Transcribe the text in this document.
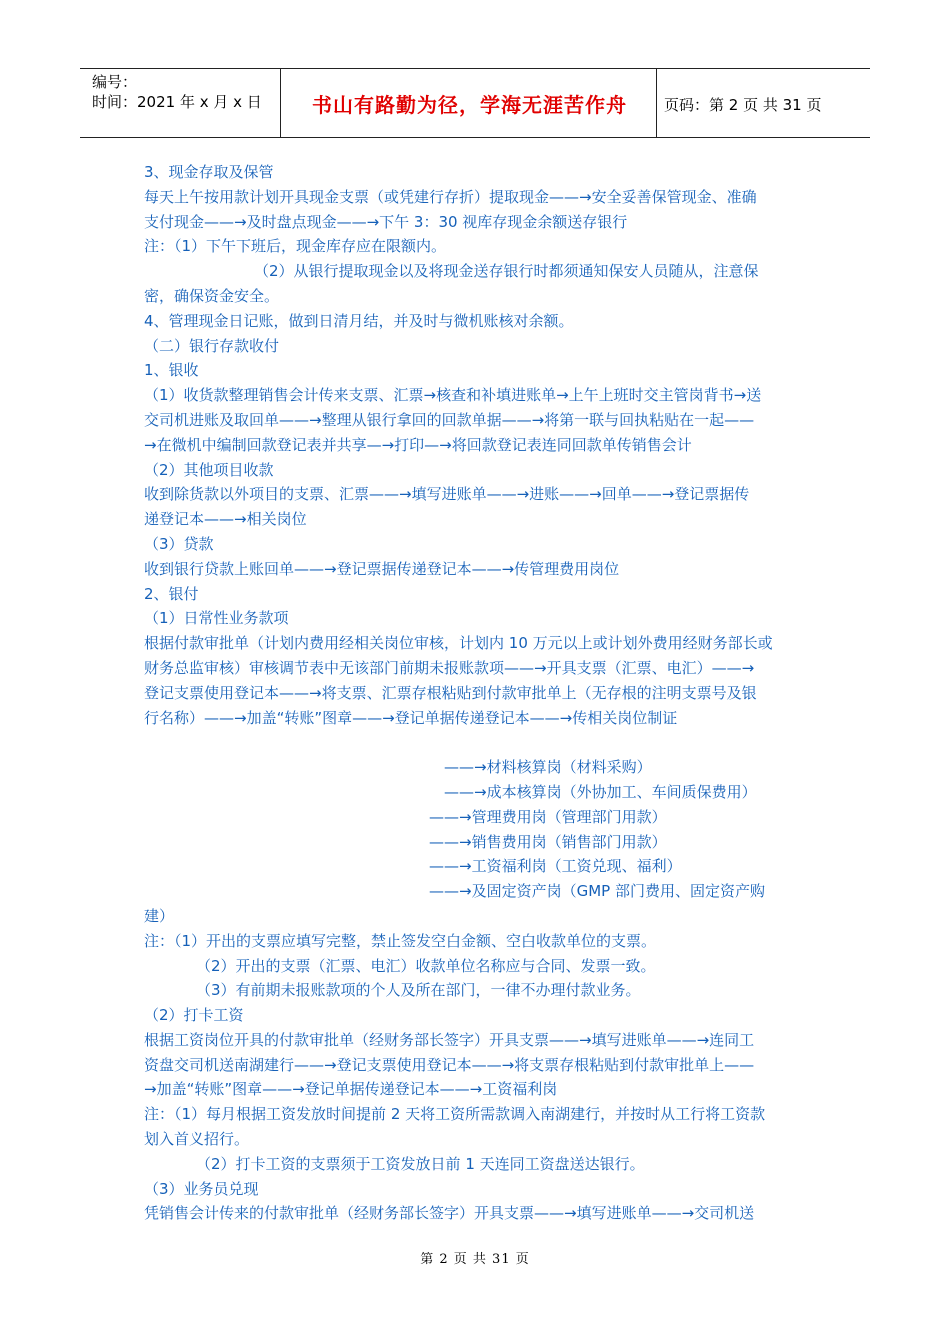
编号：
时间：2021 年 x 月 x 日	书山有路勤为径，学海无涯苦作舟	页码：第 2 页 共 31 页
3、现金存取及保管
每天上午按用款计划开具现金支票（或凭建行存折）提取现金——→安全妥善保管现金、准确
支付现金——→及时盘点现金——→下午 3：30 视库存现金余额送存银行
注：（1）下午下班后，现金库存应在限额内。
（2）从银行提取现金以及将现金送存银行时都须通知保安人员随从，注意保
密，确保资金安全。
4、管理现金日记账，做到日清月结，并及时与微机账核对余额。
（二）银行存款收付
1、银收
（1）收货款整理销售会计传来支票、汇票→核查和补填进账单→上午上班时交主管岗背书→送
交司机进账及取回单——→整理从银行拿回的回款单据——→将第一联与回执粘贴在一起——
→在微机中编制回款登记表并共享—→打印—→将回款登记表连同回款单传销售会计
（2）其他项目收款
收到除货款以外项目的支票、汇票——→填写进账单——→进账——→回单——→登记票据传
递登记本——→相关岗位
（3）贷款
收到银行贷款上账回单——→登记票据传递登记本——→传管理费用岗位
2、银付
（1）日常性业务款项
根据付款审批单（计划内费用经相关岗位审核，计划内 10 万元以上或计划外费用经财务部长或
财务总监审核）审核调节表中无该部门前期未报账款项——→开具支票（汇票、电汇）——→
登记支票使用登记本——→将支票、汇票存根粘贴到付款审批单上（无存根的注明支票号及银
行名称）——→加盖“转账”图章——→登记单据传递登记本——→传相关岗位制证
——→材料核算岗（材料采购）
——→成本核算岗（外协加工、车间质保费用）
——→管理费用岗（管理部门用款）
——→销售费用岗（销售部门用款）
——→工资福利岗（工资兑现、福利）
——→及固定资产岗（GMP 部门费用、固定资产购
建）
注：（1）开出的支票应填写完整，禁止签发空白金额、空白收款单位的支票。
（2）开出的支票（汇票、电汇）收款单位名称应与合同、发票一致。
（3）有前期未报账款项的个人及所在部门，一律不办理付款业务。
（2）打卡工资
根据工资岗位开具的付款审批单（经财务部长签字）开具支票——→填写进账单——→连同工
资盘交司机送南湖建行——→登记支票使用登记本——→将支票存根粘贴到付款审批单上——
→加盖“转账”图章——→登记单据传递登记本——→工资福利岗
注：（1）每月根据工资发放时间提前 2 天将工资所需款调入南湖建行，并按时从工行将工资款
划入首义招行。
（2）打卡工资的支票须于工资发放日前 1 天连同工资盘送达银行。
（3）业务员兑现
凭销售会计传来的付款审批单（经财务部长签字）开具支票——→填写进账单——→交司机送
第 2 页 共 31 页
